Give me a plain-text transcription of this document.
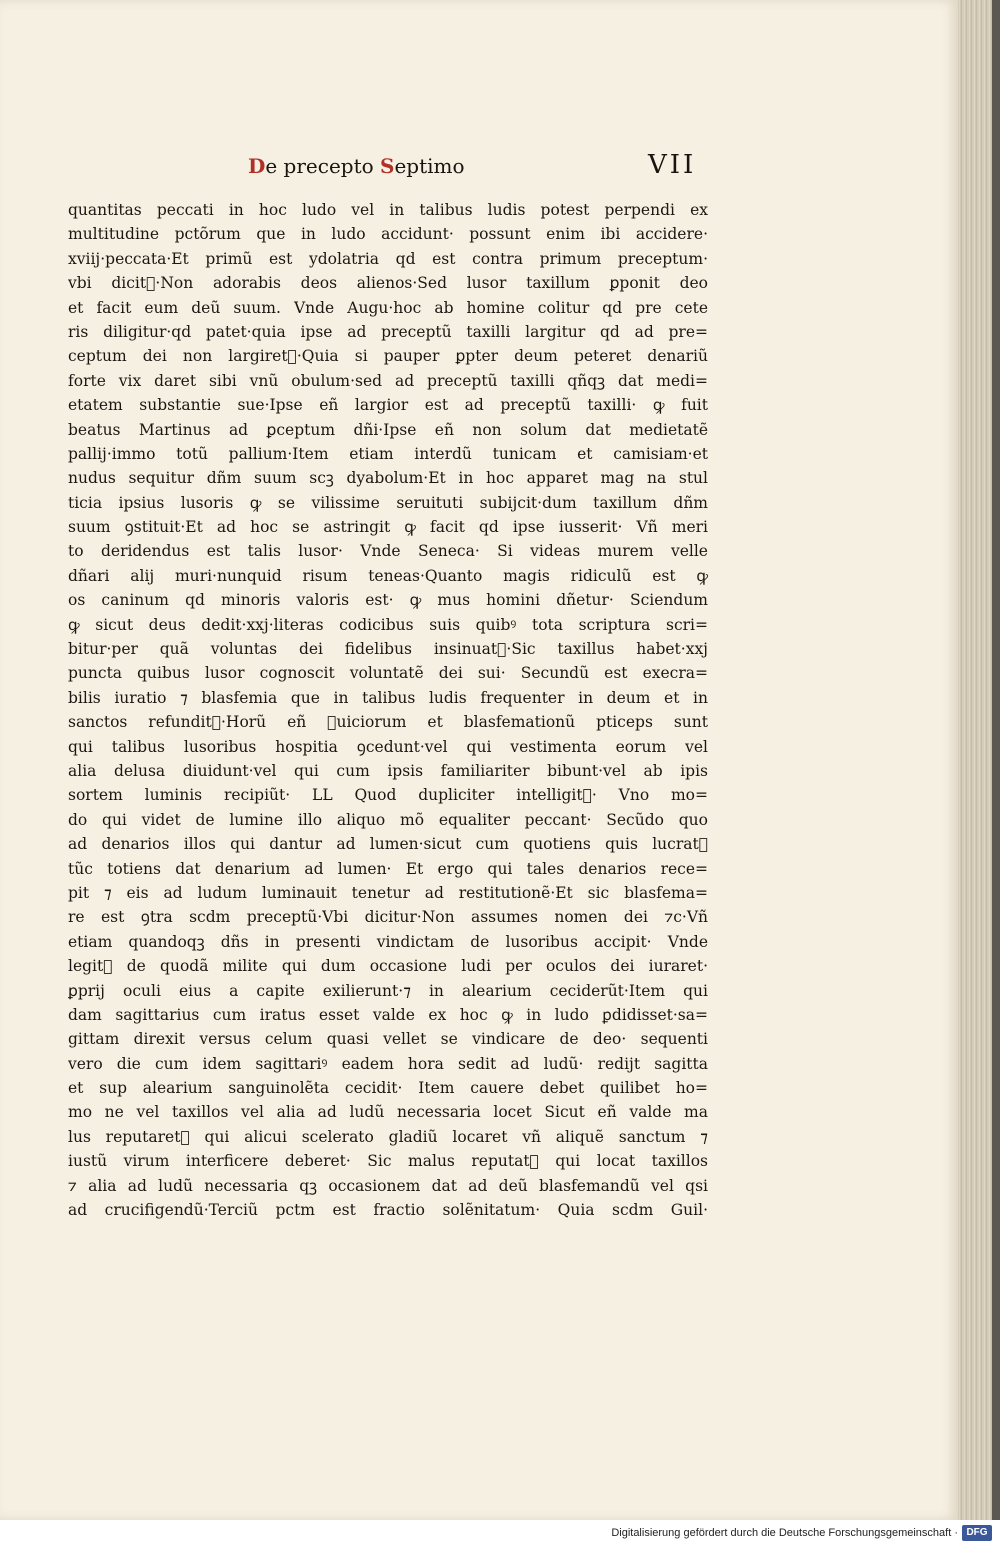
De precepto Septimo	VII
quantitas peccati in hoc ludo vel in talibus ludis potest perpendi ex
multitudine pctõrum que in ludo accidunt· possunt enim ibi accidere·
xviij·peccata·Et primũ est ydolatria qd est contra primum preceptum·
vbi dicit᷑·Non adorabis deos alienos·Sed lusor taxillum ꝑponit deo
et facit eum deũ suum. Vnde Augu·hoc ab homine colitur qd pre cete
ris diligitur·qd patet·quia ipse ad preceptũ taxilli largitur qd ad pre=
ceptum dei non largiret᷑·Quia si pauper ꝑpter deum peteret denariũ
forte vix daret sibi vnũ obulum·sed ad preceptũ taxilli qñqꝫ dat medi=
etatem substantie sue·Ipse eñ largior est ad preceptũ taxilli· ꝙ fuit
beatus Martinus ad ꝑceptum dñi·Ipse eñ non solum dat medietatẽ
pallij·immo totũ pallium·Item etiam interdũ tunicam et camisiam·et
nudus sequitur dñm suum scꝫ dyabolum·Et in hoc apparet mag na stul
ticia ipsius lusoris ꝙ se vilissime seruituti subijcit·dum taxillum dñm
suum ꝯstituit·Et ad hoc se astringit ꝙ facit qd ipse iusserit· Vñ meri
to deridendus est talis lusor· Vnde Seneca· Si videas murem velle
dñari alij muri·nunquid risum teneas·Quanto magis ridiculũ est ꝙ
os caninum qd minoris valoris est· ꝙ mus homini dñetur· Sciendum
ꝙ sicut deus dedit·xxj·literas codicibus suis quibꝰ tota scriptura scri=
bitur·per quã voluntas dei fidelibus insinuat᷑·Sic taxillus habet·xxj
puncta quibus lusor cognoscit voluntatẽ dei sui· Secundũ est execra=
bilis iuratio ⁊ blasfemia que in talibus ludis frequenter in deum et in
sanctos refundit᷑·Horũ eñ ꝯuiciorum et blasfemationũ pticeps sunt
qui talibus lusoribus hospitia ꝯcedunt·vel qui vestimenta eorum vel
alia delusa diuidunt·vel qui cum ipsis familiariter bibunt·vel ab ipis
sortem luminis recipiũt· LL Quod dupliciter intelligit᷑· Vno mo=
do qui videt de lumine illo aliquo mõ equaliter peccant· Secũdo quo
ad denarios illos qui dantur ad lumen·sicut cum quotiens quis lucrat᷑
tũc totiens dat denarium ad lumen· Et ergo qui tales denarios rece=
pit ⁊ eis ad ludum luminauit tenetur ad restitutionẽ·Et sic blasfema=
re est ꝯtra scdm preceptũ·Vbi dicitur·Non assumes nomen dei ⁊c·Vñ
etiam quandoqꝫ dñs in presenti vindictam de lusoribus accipit· Vnde
legit᷑ de quodã milite qui dum occasione ludi per oculos dei iuraret·
ꝑprij oculi eius a capite exilierunt·⁊ in alearium ceciderũt·Item qui
dam sagittarius cum iratus esset valde ex hoc ꝙ in ludo ꝑdidisset·sa=
gittam direxit versus celum quasi vellet se vindicare de deo· sequenti
vero die cum idem sagittariꝰ eadem hora sedit ad ludũ· redijt sagitta
et sup alearium sanguinolẽta cecidit· Item cauere debet quilibet ho=
mo ne vel taxillos vel alia ad ludũ necessaria locet Sicut eñ valde ma
lus reputaret᷑ qui alicui scelerato gladiũ locaret vñ aliquẽ sanctum ⁊
iustũ virum interficere deberet· Sic malus reputat᷑ qui locat taxillos
⁊ alia ad ludũ necessaria qꝫ occasionem dat ad deũ blasfemandũ vel qsi
ad crucifigendũ·Terciũ pctm est fractio solẽnitatum· Quia scdm Guil·
Digitalisierung gefördert durch die Deutsche Forschungsgemeinschaft · DFG
